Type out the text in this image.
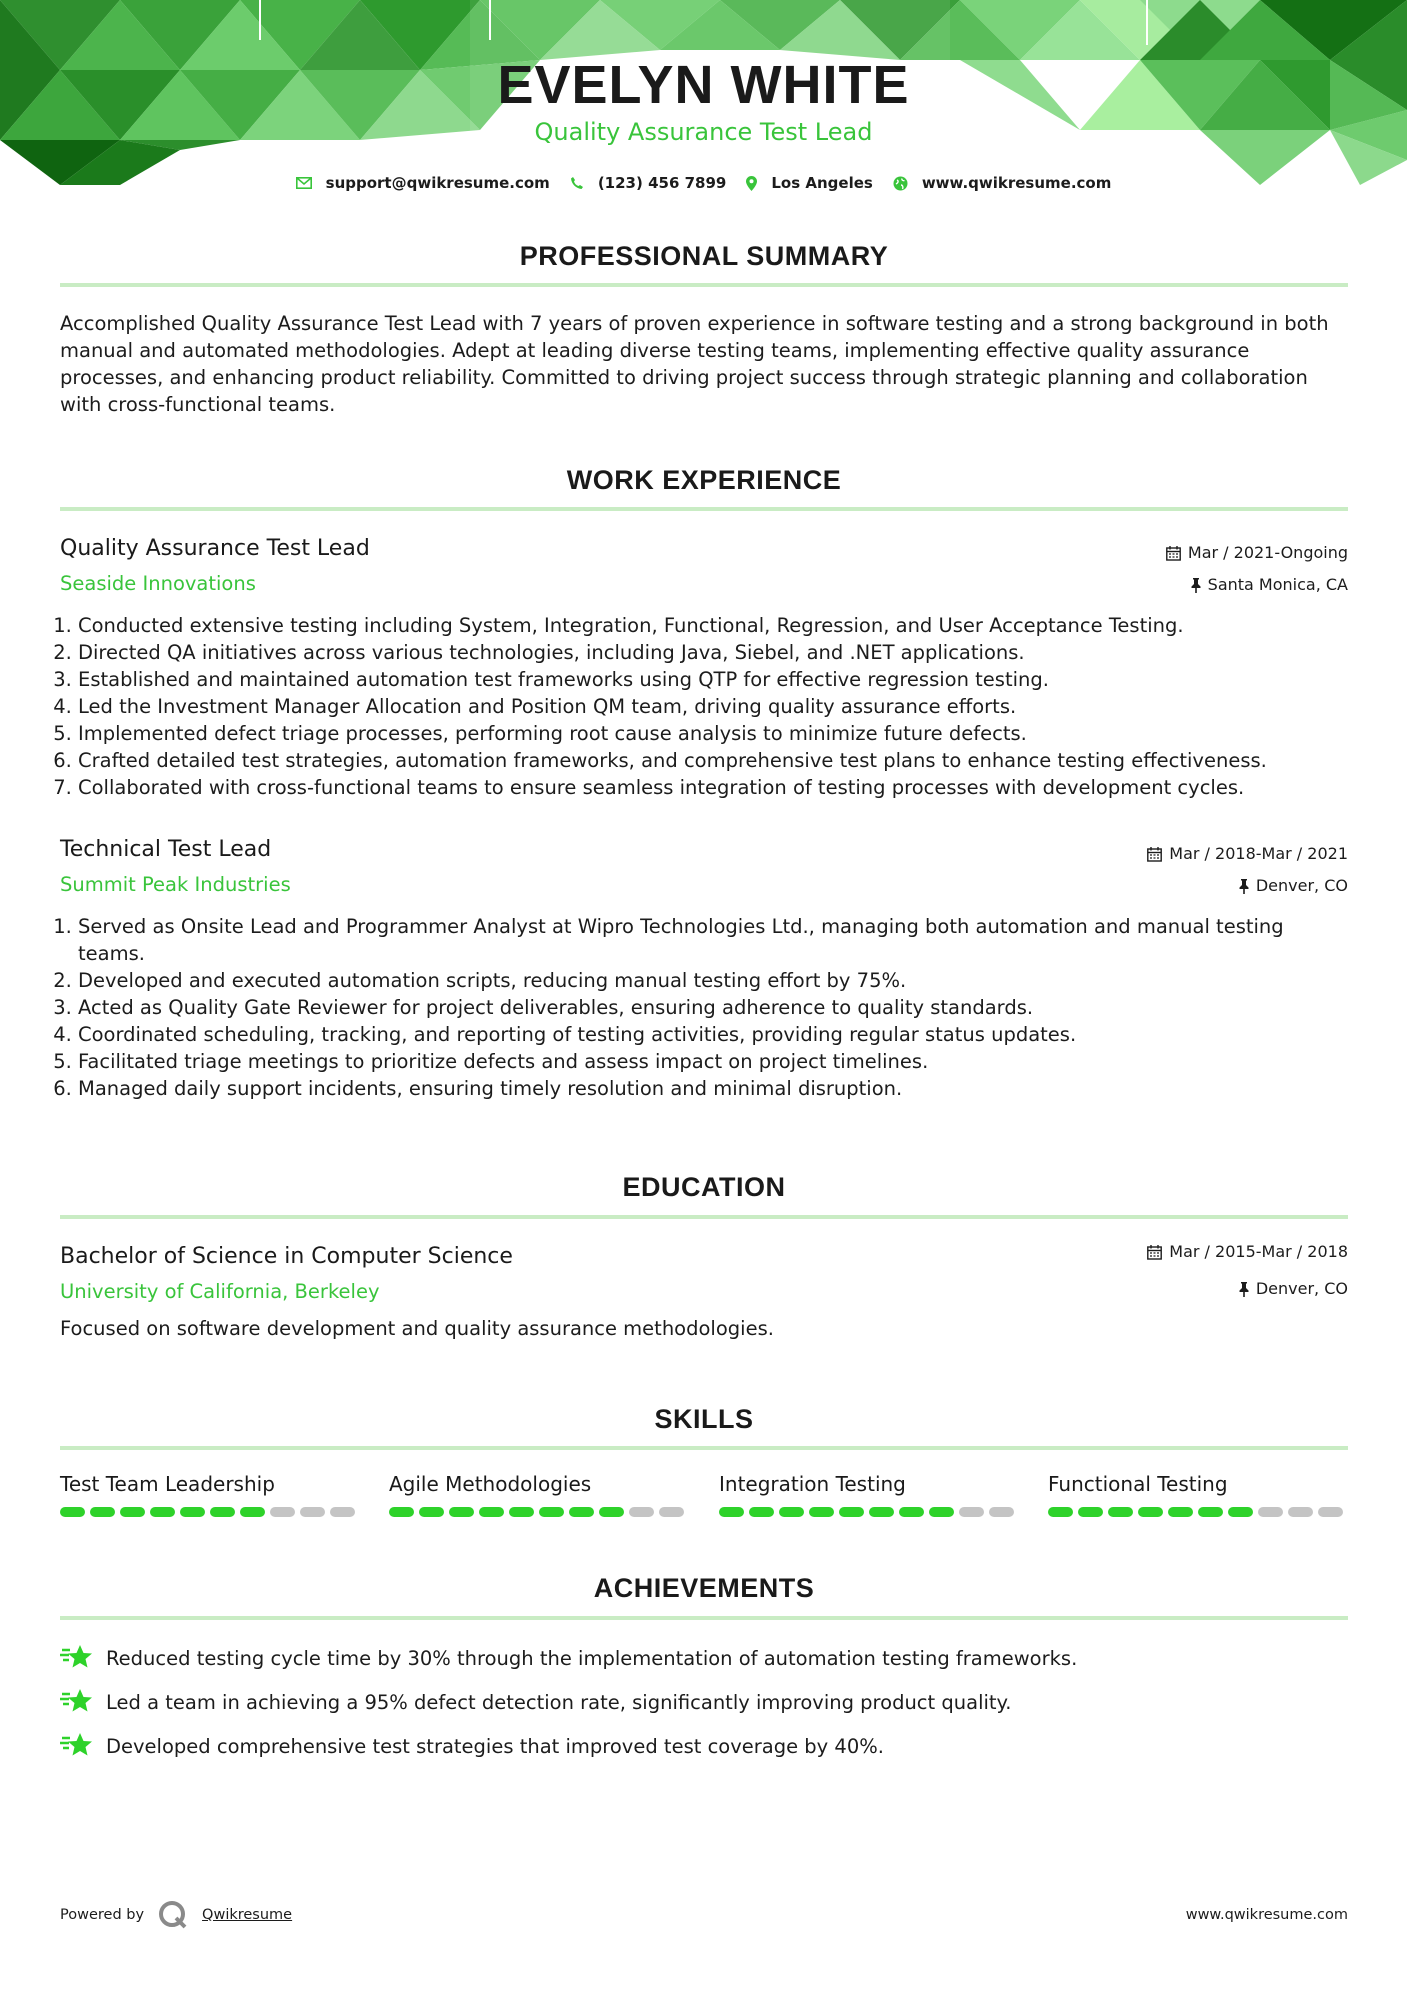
EVELYN WHITE
Quality Assurance Test Lead
support@qwikresume.com	(123) 456 7899	Los Angeles	www.qwikresume.com
PROFESSIONAL SUMMARY
Accomplished Quality Assurance Test Lead with 7 years of proven experience in software testing and a strong background in both manual and automated methodologies. Adept at leading diverse testing teams, implementing effective quality assurance processes, and enhancing product reliability. Committed to driving project success through strategic planning and collaboration with cross-functional teams.
WORK EXPERIENCE
Quality Assurance Test Lead	Mar / 2021-Ongoing
Seaside Innovations	Santa Monica, CA
1. Conducted extensive testing including System, Integration, Functional, Regression, and User Acceptance Testing.
2. Directed QA initiatives across various technologies, including Java, Siebel, and .NET applications.
3. Established and maintained automation test frameworks using QTP for effective regression testing.
4. Led the Investment Manager Allocation and Position QM team, driving quality assurance efforts.
5. Implemented defect triage processes, performing root cause analysis to minimize future defects.
6. Crafted detailed test strategies, automation frameworks, and comprehensive test plans to enhance testing effectiveness.
7. Collaborated with cross-functional teams to ensure seamless integration of testing processes with development cycles.
Technical Test Lead	Mar / 2018-Mar / 2021
Summit Peak Industries	Denver, CO
1. Served as Onsite Lead and Programmer Analyst at Wipro Technologies Ltd., managing both automation and manual testing teams.
2. Developed and executed automation scripts, reducing manual testing effort by 75%.
3. Acted as Quality Gate Reviewer for project deliverables, ensuring adherence to quality standards.
4. Coordinated scheduling, tracking, and reporting of testing activities, providing regular status updates.
5. Facilitated triage meetings to prioritize defects and assess impact on project timelines.
6. Managed daily support incidents, ensuring timely resolution and minimal disruption.
EDUCATION
Bachelor of Science in Computer Science	Mar / 2015-Mar / 2018
University of California, Berkeley	Denver, CO
Focused on software development and quality assurance methodologies.
SKILLS
Test Team Leadership	Agile Methodologies	Integration Testing	Functional Testing
ACHIEVEMENTS
Reduced testing cycle time by 30% through the implementation of automation testing frameworks.
Led a team in achieving a 95% defect detection rate, significantly improving product quality.
Developed comprehensive test strategies that improved test coverage by 40%.
Powered by	Qwikresume	www.qwikresume.com
